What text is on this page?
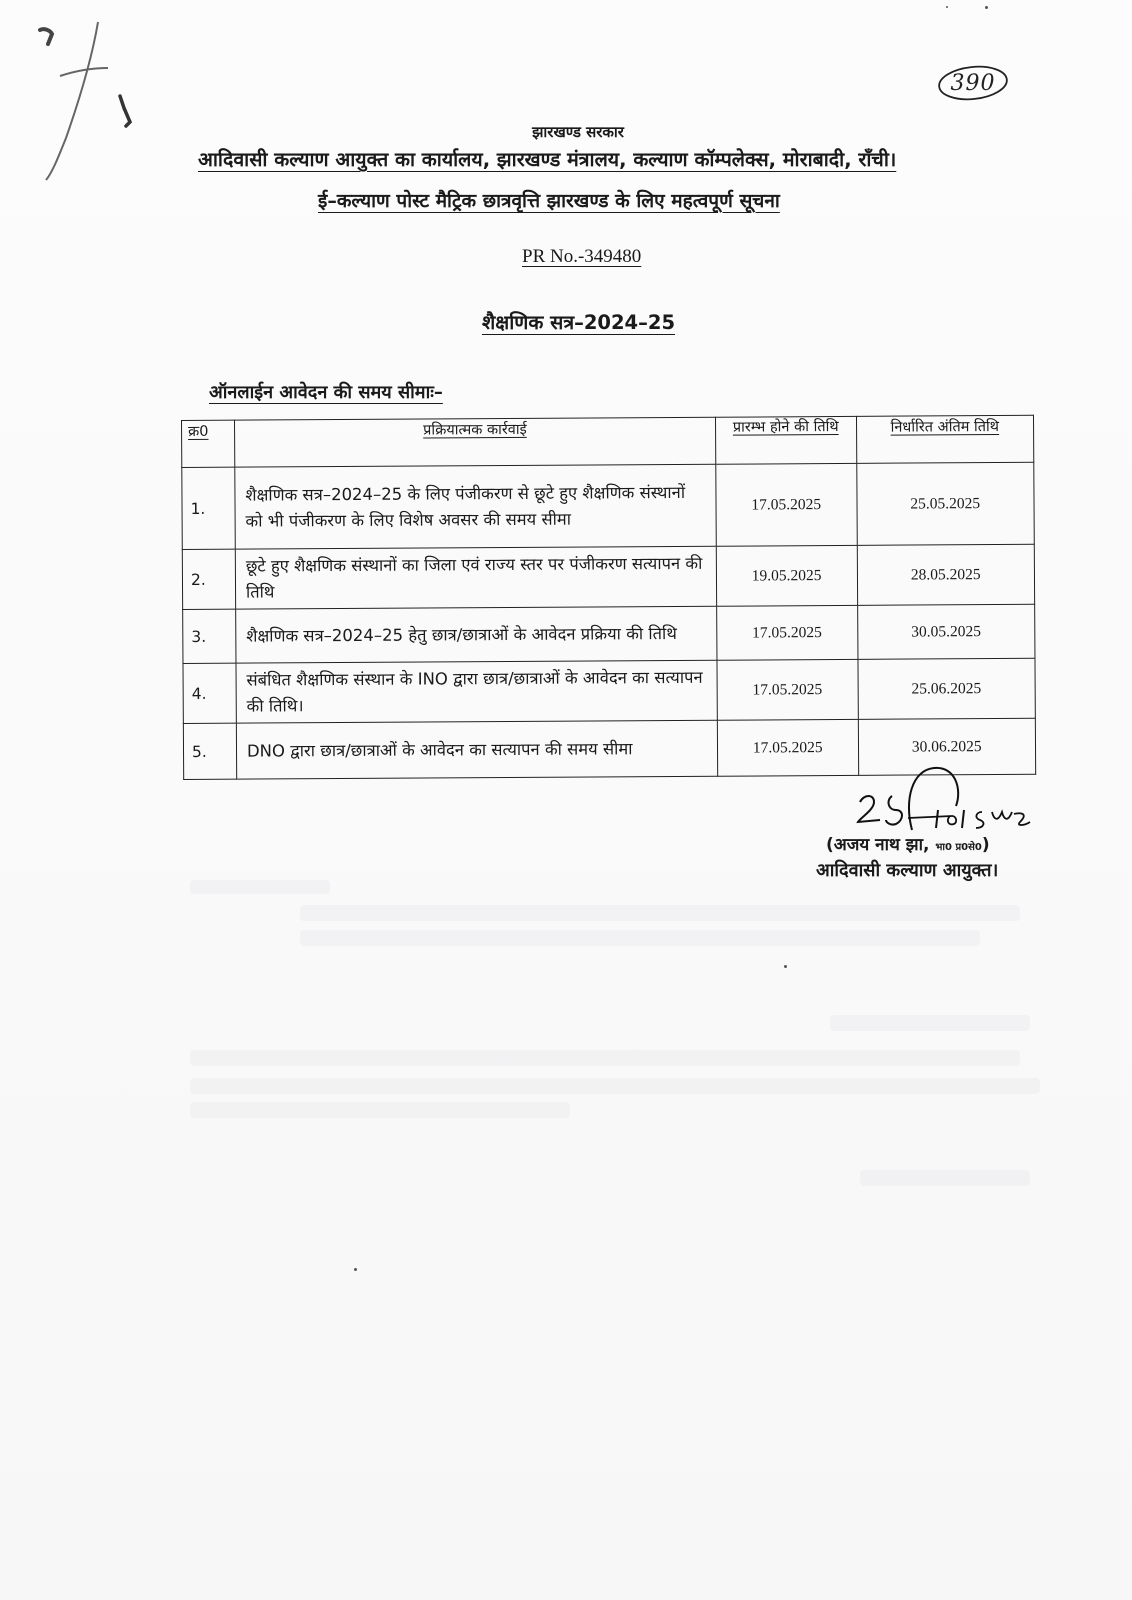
390
झारखण्ड सरकार
आदिवासी कल्याण आयुक्त का कार्यालय, झारखण्ड मंत्रालय, कल्याण कॉम्पलेक्स, मोराबादी, राँची।
ई–कल्याण पोस्ट मैट्रिक छात्रवृत्ति झारखण्ड के लिए महत्वपूर्ण सूचना
PR No.-349480
शैक्षणिक सत्र–2024–25
ऑनलाईन आवेदन की समय सीमाः–
क्र0	प्रक्रियात्मक कार्रवाई	प्रारम्भ होने की तिथि	निर्धारित अंतिम तिथि
1.	शैक्षणिक सत्र–2024–25 के लिए पंजीकरण से छूटे हुए शैक्षणिक संस्थानों को भी पंजीकरण के लिए विशेष अवसर की समय सीमा	17.05.2025	25.05.2025
2.	छूटे हुए शैक्षणिक संस्थानों का जिला एवं राज्य स्तर पर पंजीकरण सत्यापन की तिथि	19.05.2025	28.05.2025
3.	शैक्षणिक सत्र–2024–25 हेतु छात्र/छात्राओं के आवेदन प्रक्रिया की तिथि	17.05.2025	30.05.2025
4.	संबंधित शैक्षणिक संस्थान के INO द्वारा छात्र/छात्राओं के आवेदन का सत्यापन की तिथि।	17.05.2025	25.06.2025
5.	DNO द्वारा छात्र/छात्राओं के आवेदन का सत्यापन की समय सीमा	17.05.2025	30.06.2025
(अजय नाथ झा, भा0 प्र0से0)
आदिवासी कल्याण आयुक्त।
